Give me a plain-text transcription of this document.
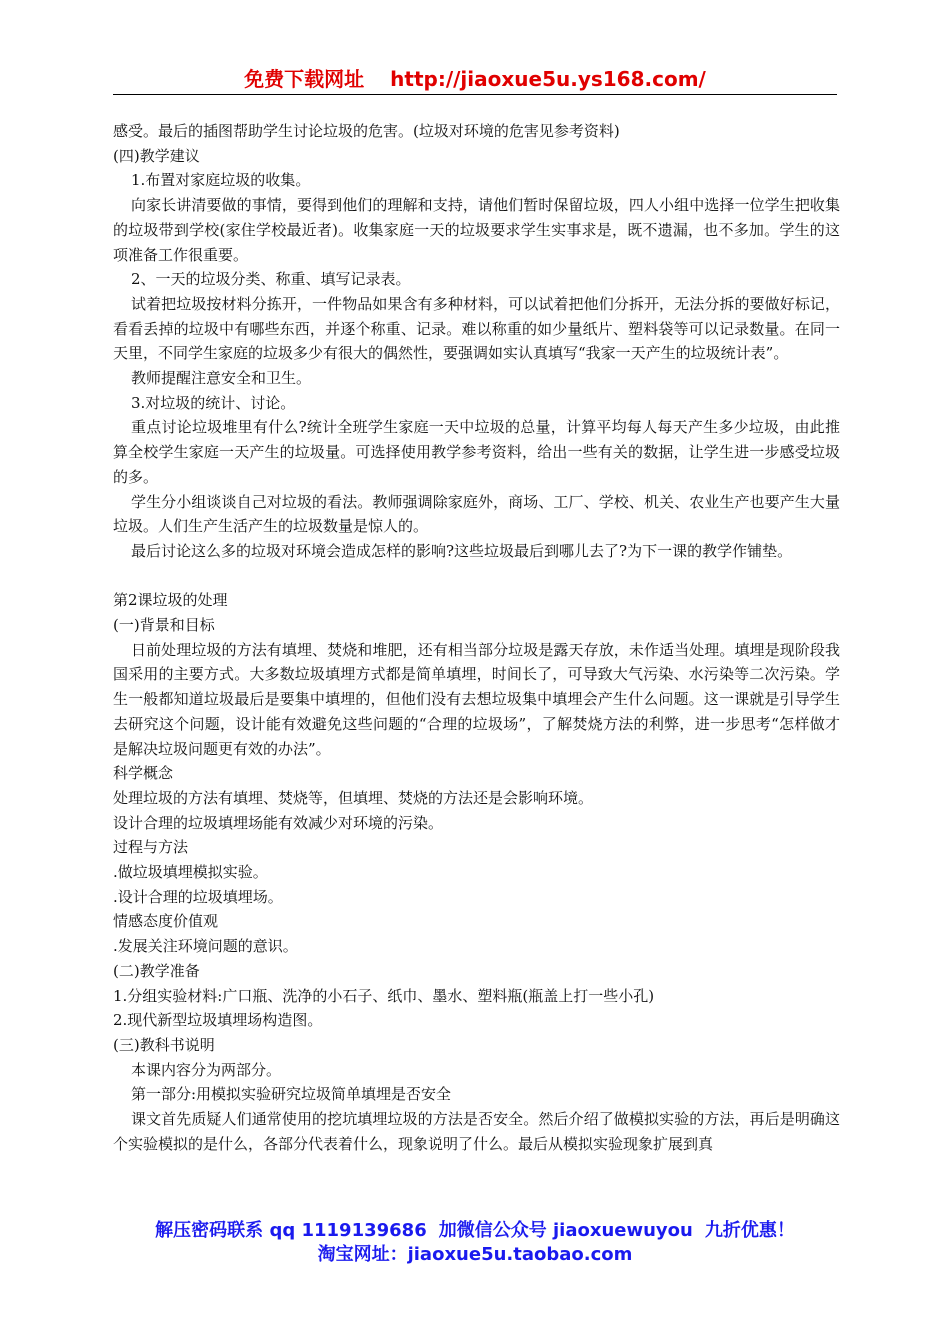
免费下载网址 http://jiaoxue5u.ys168.com/

感受。最后的插图帮助学生讨论垃圾的危害。(垃圾对环境的危害见参考资料)

(四)教学建议

1.布置对家庭垃圾的收集。

向家长讲清要做的事情，要得到他们的理解和支持，请他们暂时保留垃圾，四人小组中选择一位学生把收集的垃圾带到学校(家住学校最近者)。收集家庭一天的垃圾要求学生实事求是，既不遗漏，也不多加。学生的这项准备工作很重要。

2、一天的垃圾分类、称重、填写记录表。

试着把垃圾按材料分拣开，一件物品如果含有多种材料，可以试着把他们分拆开，无法分拆的要做好标记，看看丢掉的垃圾中有哪些东西，并逐个称重、记录。难以称重的如少量纸片、塑料袋等可以记录数量。在同一天里，不同学生家庭的垃圾多少有很大的偶然性，要强调如实认真填写“我家一天产生的垃圾统计表”。

教师提醒注意安全和卫生。

3.对垃圾的统计、讨论。

重点讨论垃圾堆里有什么?统计全班学生家庭一天中垃圾的总量，计算平均每人每天产生多少垃圾，由此推算全校学生家庭一天产生的垃圾量。可选择使用教学参考资料，给出一些有关的数据，让学生进一步感受垃圾的多。

学生分小组谈谈自己对垃圾的看法。教师强调除家庭外，商场、工厂、学校、机关、农业生产也要产生大量垃圾。人们生产生活产生的垃圾数量是惊人的。

最后讨论这么多的垃圾对环境会造成怎样的影响?这些垃圾最后到哪儿去了?为下一课的教学作铺垫。

第2课垃圾的处理

(一)背景和目标

日前处理垃圾的方法有填埋、焚烧和堆肥，还有相当部分垃圾是露天存放，未作适当处理。填埋是现阶段我国采用的主要方式。大多数垃圾填埋方式都是简单填埋，时间长了，可导致大气污染、水污染等二次污染。学生一般都知道垃圾最后是要集中填埋的，但他们没有去想垃圾集中填埋会产生什么问题。这一课就是引导学生去研究这个问题，设计能有效避免这些问题的“合理的垃圾场”，了解焚烧方法的利弊，进一步思考“怎样做才是解决垃圾问题更有效的办法”。

科学概念

处理垃圾的方法有填埋、焚烧等，但填埋、焚烧的方法还是会影响环境。

设计合理的垃圾填埋场能有效减少对环境的污染。

过程与方法

.做垃圾填埋模拟实验。

.设计合理的垃圾填埋场。

情感态度价值观

.发展关注环境问题的意识。

(二)教学准备

1.分组实验材料:广口瓶、洗净的小石子、纸巾、墨水、塑料瓶(瓶盖上打一些小孔)

2.现代新型垃圾填埋场构造图。

(三)教科书说明

本课内容分为两部分。

第一部分:用模拟实验研究垃圾简单填埋是否安全

课文首先质疑人们通常使用的挖坑填埋垃圾的方法是否安全。然后介绍了做模拟实验的方法，再后是明确这个实验模拟的是什么，各部分代表着什么，现象说明了什么。最后从模拟实验现象扩展到真

解压密码联系 qq 1119139686 加微信公众号 jiaoxuewuyou 九折优惠！
淘宝网址：jiaoxue5u.taobao.com
